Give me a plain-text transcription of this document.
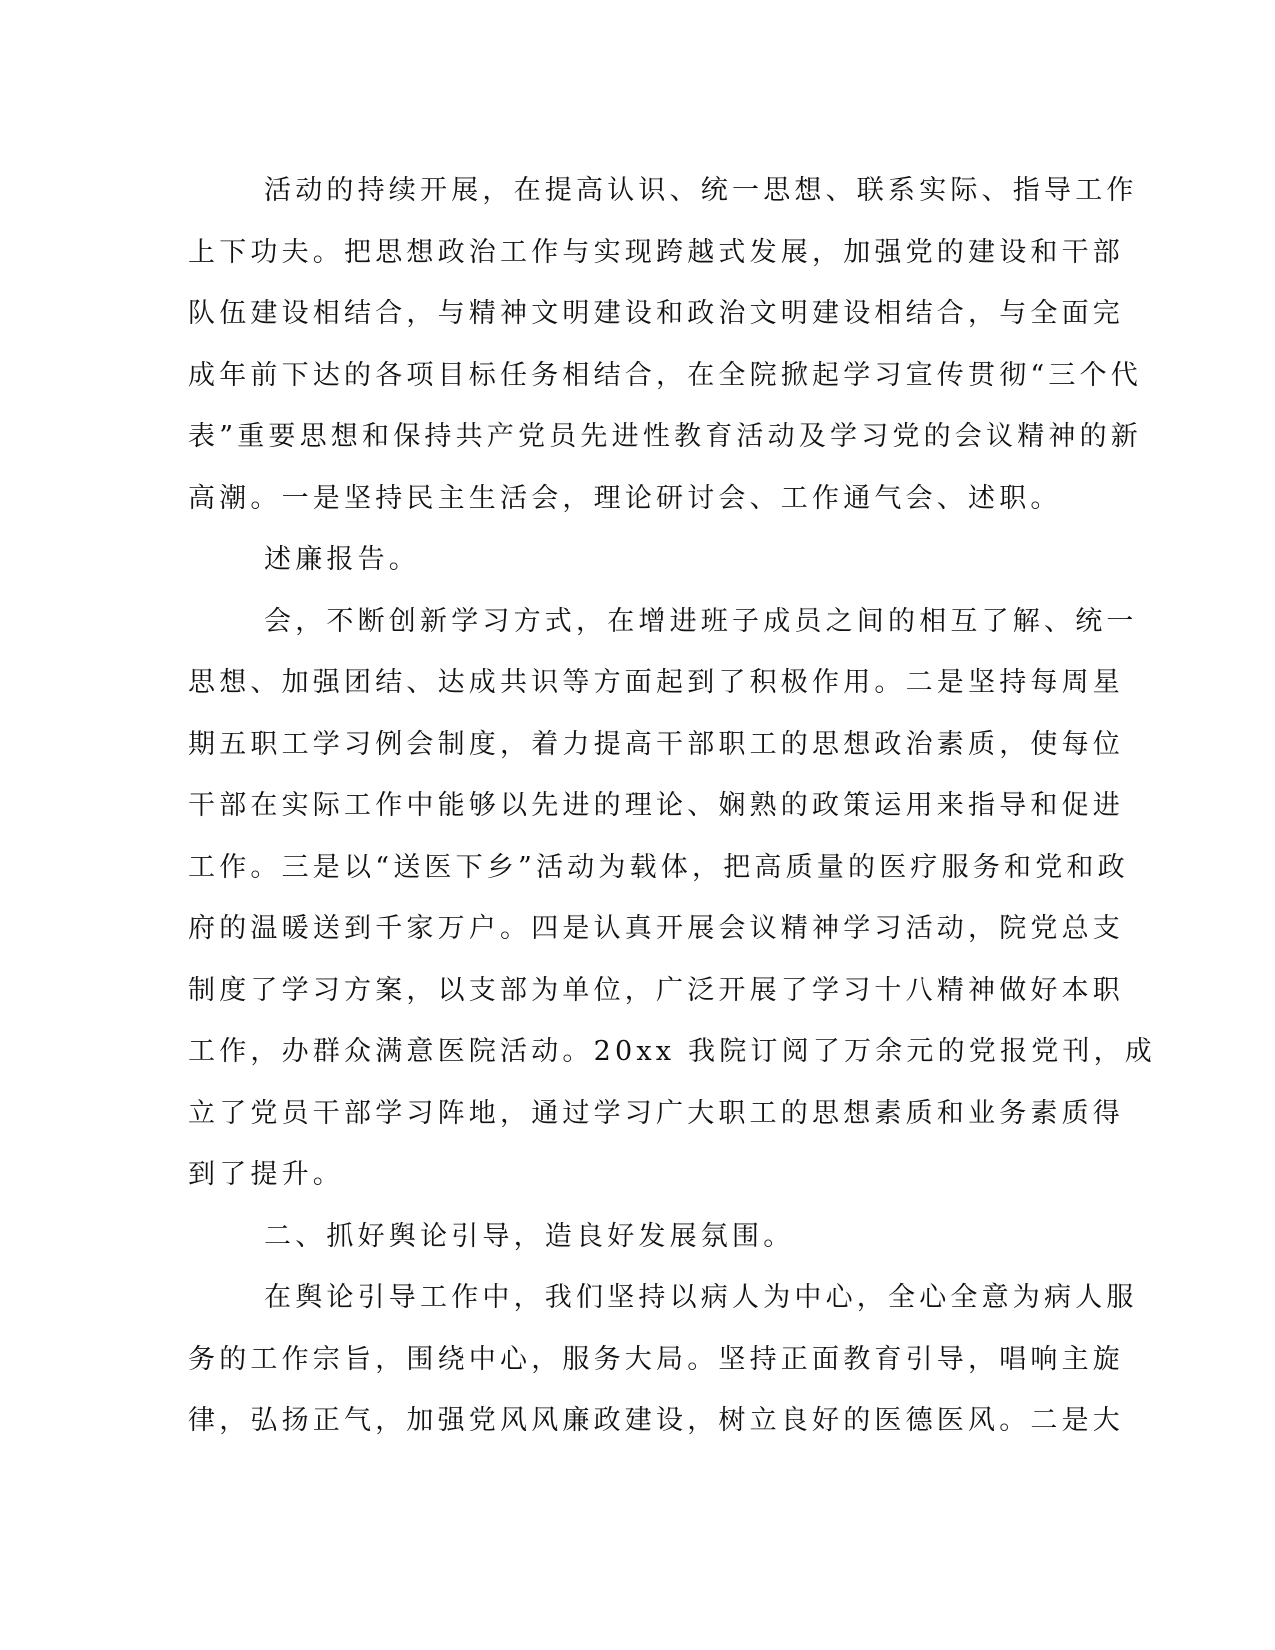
活动的持续开展，在提高认识、统一思想、联系实际、指导工作
上下功夫。把思想政治工作与实现跨越式发展，加强党的建设和干部
队伍建设相结合，与精神文明建设和政治文明建设相结合，与全面完
成年前下达的各项目标任务相结合，在全院掀起学习宣传贯彻“三个代
表”重要思想和保持共产党员先进性教育活动及学习党的会议精神的新
高潮。一是坚持民主生活会，理论研讨会、工作通气会、述职。
述廉报告。
会，不断创新学习方式，在增进班子成员之间的相互了解、统一
思想、加强团结、达成共识等方面起到了积极作用。二是坚持每周星
期五职工学习例会制度，着力提高干部职工的思想政治素质，使每位
干部在实际工作中能够以先进的理论、娴熟的政策运用来指导和促进
工作。三是以“送医下乡”活动为载体，把高质量的医疗服务和党和政
府的温暖送到千家万户。四是认真开展会议精神学习活动，院党总支
制度了学习方案，以支部为单位，广泛开展了学习十八精神做好本职
工作，办群众满意医院活动。20xx 我院订阅了万余元的党报党刊，成
立了党员干部学习阵地，通过学习广大职工的思想素质和业务素质得
到了提升。
二、抓好舆论引导，造良好发展氛围。
在舆论引导工作中，我们坚持以病人为中心，全心全意为病人服
务的工作宗旨，围绕中心，服务大局。坚持正面教育引导，唱响主旋
律，弘扬正气，加强党风风廉政建设，树立良好的医德医风。二是大
